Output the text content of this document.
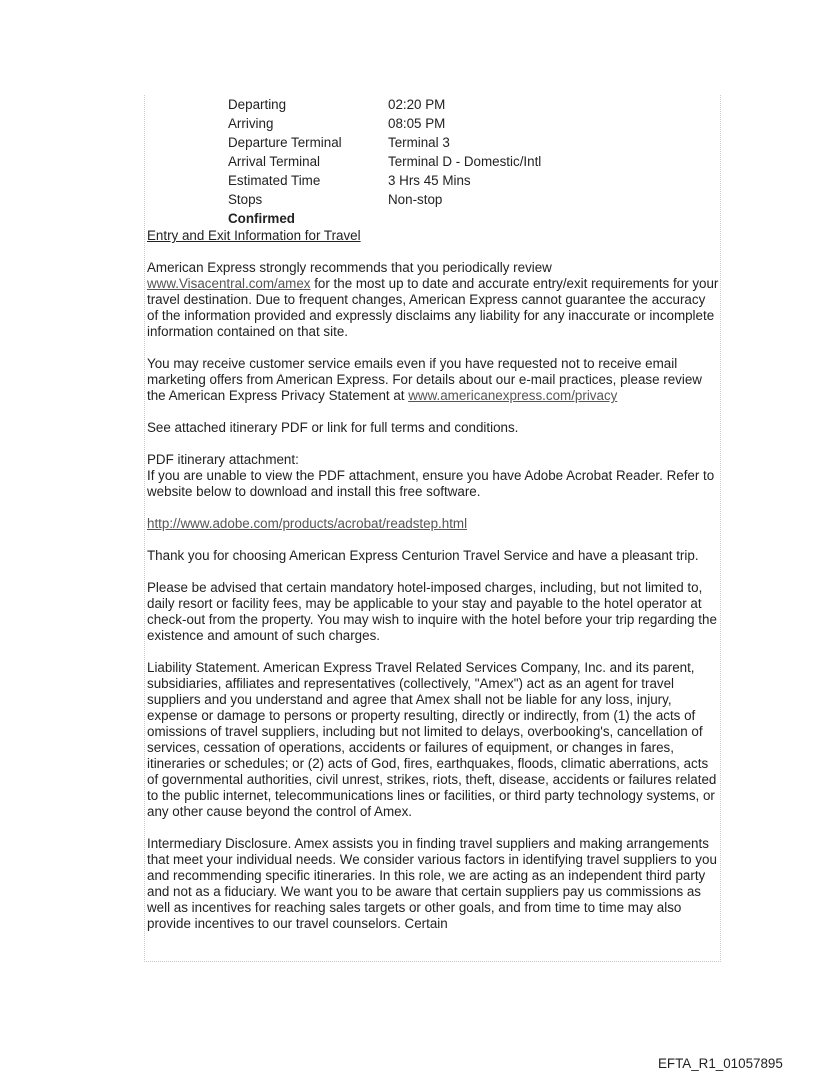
Departing	02:20 PM
Arriving	08:05 PM
Departure Terminal	Terminal 3
Arrival Terminal	Terminal D - Domestic/Intl
Estimated Time	3 Hrs 45 Mins
Stops	Non-stop
Confirmed
Entry and Exit Information for Travel

American Express strongly recommends that you periodically review
www.Visacentral.com/amex for the most up to date and accurate entry/exit requirements for your travel destination. Due to frequent changes, American Express cannot guarantee the accuracy of the information provided and expressly disclaims any liability for any inaccurate or incomplete information contained on that site.

You may receive customer service emails even if you have requested not to receive email marketing offers from American Express. For details about our e-mail practices, please review the American Express Privacy Statement at www.americanexpress.com/privacy

See attached itinerary PDF or link for full terms and conditions.

PDF itinerary attachment:
If you are unable to view the PDF attachment, ensure you have Adobe Acrobat Reader. Refer to website below to download and install this free software.

http://www.adobe.com/products/acrobat/readstep.html

Thank you for choosing American Express Centurion Travel Service and have a pleasant trip.

Please be advised that certain mandatory hotel-imposed charges, including, but not limited to, daily resort or facility fees, may be applicable to your stay and payable to the hotel operator at check-out from the property. You may wish to inquire with the hotel before your trip regarding the existence and amount of such charges.

Liability Statement. American Express Travel Related Services Company, Inc. and its parent, subsidiaries, affiliates and representatives (collectively, "Amex") act as an agent for travel suppliers and you understand and agree that Amex shall not be liable for any loss, injury, expense or damage to persons or property resulting, directly or indirectly, from (1) the acts of omissions of travel suppliers, including but not limited to delays, overbooking's, cancellation of services, cessation of operations, accidents or failures of equipment, or changes in fares, itineraries or schedules; or (2) acts of God, fires, earthquakes, floods, climatic aberrations, acts of governmental authorities, civil unrest, strikes, riots, theft, disease, accidents or failures related to the public internet, telecommunications lines or facilities, or third party technology systems, or any other cause beyond the control of Amex.

Intermediary Disclosure. Amex assists you in finding travel suppliers and making arrangements that meet your individual needs. We consider various factors in identifying travel suppliers to you and recommending specific itineraries. In this role, we are acting as an independent third party and not as a fiduciary. We want you to be aware that certain suppliers pay us commissions as well as incentives for reaching sales targets or other goals, and from time to time may also provide incentives to our travel counselors. Certain

EFTA_R1_01057895
